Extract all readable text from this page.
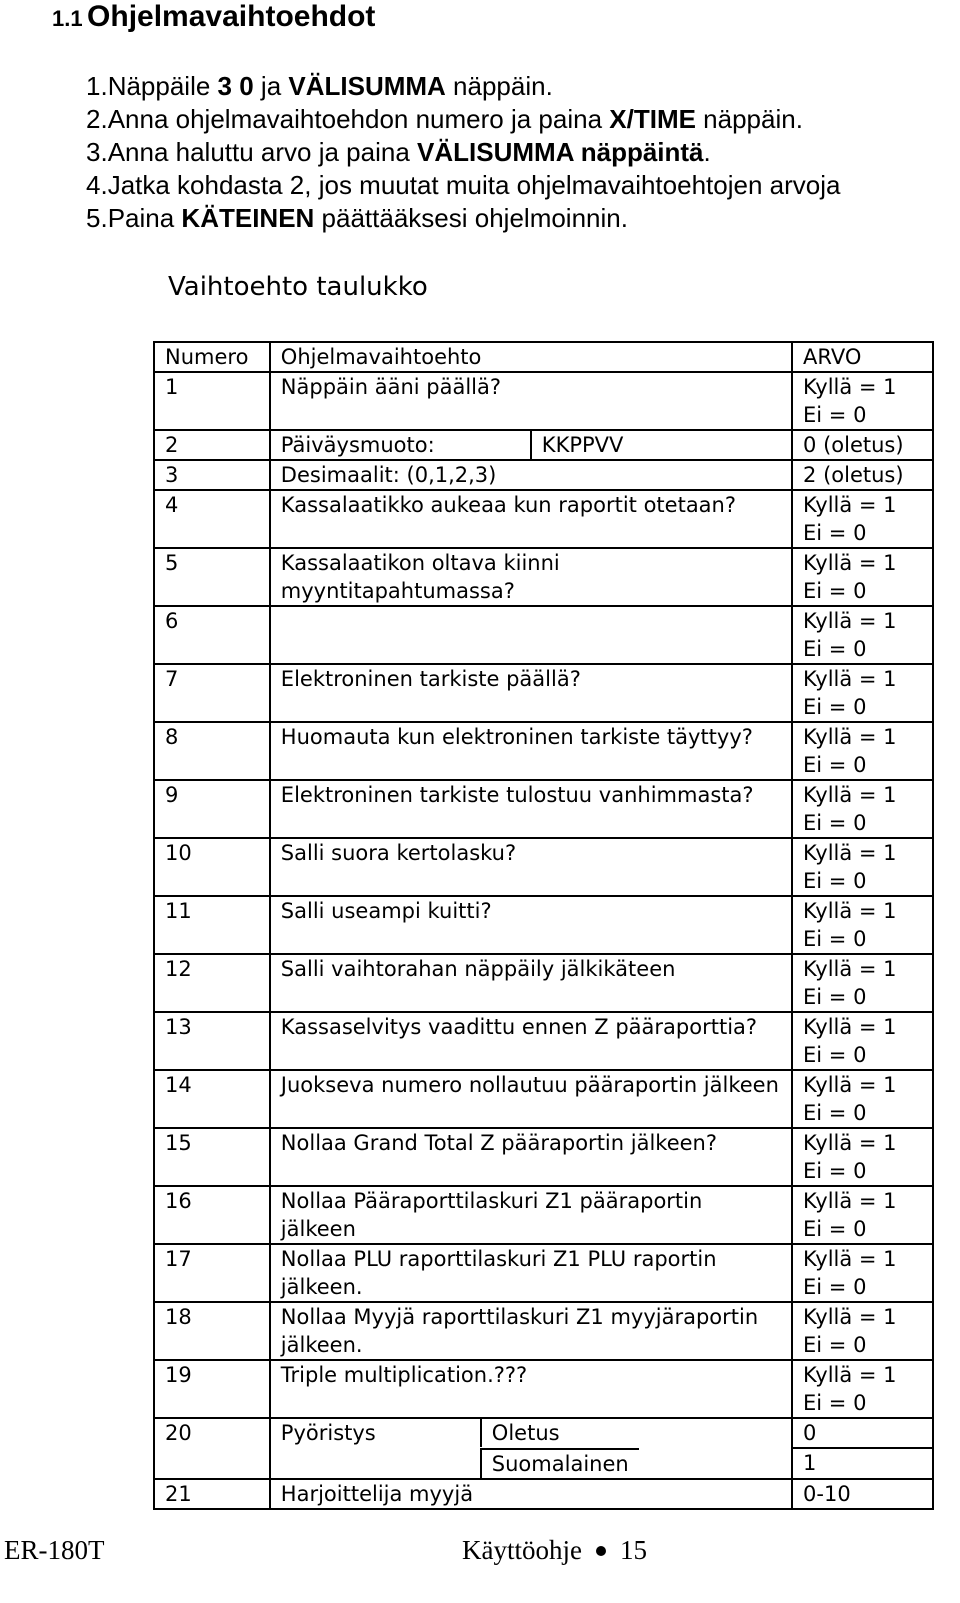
1.1 Ohjelmavaihtoehdot
1.Näppäile 3 0 ja VÄLISUMMA näppäin.
2.Anna ohjelmavaihtoehdon numero ja paina X/TIME näppäin.
3.Anna haluttu arvo ja paina VÄLISUMMA näppäintä.
4.Jatka kohdasta 2, jos muutat muita ohjelmavaihtoehtojen arvoja
5.Paina KÄTEINEN päättääksesi ohjelmoinnin.
Vaihtoehto taulukko
Numero	Ohjelmavaihtoehto	ARVO
1	Näppäin ääni päällä?	Kyllä = 1
Ei = 0

2	Päiväysmuoto: KKPPVV	0 (oletus)

3	Desimaalit: (0,1,2,3)	2 (oletus)

4	Kassalaatikko aukeaa kun raportit otetaan?	Kyllä = 1
Ei = 0

5	Kassalaatikon oltava kiinni myyntitapahtumassa?	Kyllä = 1
Ei = 0

6		Kyllä = 1
Ei = 0

7	Elektroninen tarkiste päällä?	Kyllä = 1
Ei = 0

8	Huomauta kun elektroninen tarkiste täyttyy?	Kyllä = 1
Ei = 0

9	Elektroninen tarkiste tulostuu vanhimmasta?	Kyllä = 1
Ei = 0

10	Salli suora kertolasku?	Kyllä = 1
Ei = 0

11	Salli useampi kuitti?	Kyllä = 1
Ei = 0

12	Salli vaihtorahan näppäily jälkikäteen	Kyllä = 1
Ei = 0

13	Kassaselvitys vaadittu ennen Z pääraporttia?	Kyllä = 1
Ei = 0

14	Juokseva numero nollautuu pääraportin jälkeen	Kyllä = 1
Ei = 0

15	Nollaa Grand Total Z pääraportin jälkeen?	Kyllä = 1
Ei = 0

16	Nollaa Pääraporttilaskuri Z1 pääraportin jälkeen	Kyllä = 1
Ei = 0

17	Nollaa PLU raporttilaskuri Z1 PLU raportin jälkeen.	Kyllä = 1
Ei = 0

18	Nollaa Myyjä raporttilaskuri Z1 myyjäraportin jälkeen.	Kyllä = 1
Ei = 0

19	Triple multiplication.???	Kyllä = 1
Ei = 0

20	Pyöristys Oletus	0

	Suomalainen	1

21	Harjoittelija myyjä	0-10
ER-180T	Käyttöohje 15
